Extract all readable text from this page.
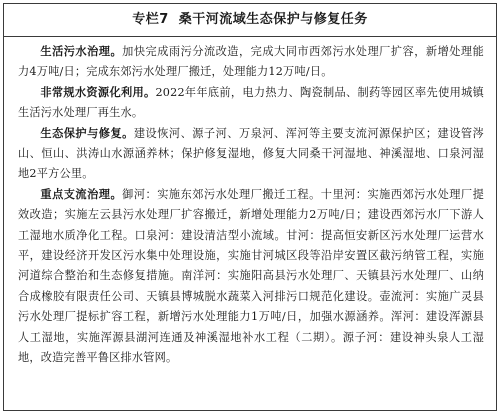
专栏7 桑干河流域生态保护与修复任务

生活污水治理。加快完成雨污分流改造，完成大同市西郊污水处理厂扩容，新增处理能力4万吨/日；完成东郊污水处理厂搬迁，处理能力12万吨/日。

非常规水资源化利用。2022年年底前，电力热力、陶瓷制品、制药等园区率先使用城镇生活污水处理厂再生水。

生态保护与修复。建设恢河、源子河、万泉河、浑河等主要支流河源保护区；建设管涔山、恒山、洪涛山水源涵养林；保护修复湿地，修复大同桑干河湿地、神溪湿地、口泉河湿地2平方公里。

重点支流治理。御河：实施东郊污水处理厂搬迁工程。十里河：实施西郊污水处理厂提效改造；实施左云县污水处理厂扩容搬迁，新增处理能力2万吨/日；建设西郊污水厂下游人工湿地水质净化工程。口泉河：建设清洁型小流域。甘河：提高恒安新区污水处理厂运营水平，建设经济开发区污水集中处理设施，实施甘河城区段等沿岸安置区截污纳管工程，实施河道综合整治和生态修复措施。南洋河：实施阳高县污水处理厂、天镇县污水处理厂、山纳合成橡胶有限责任公司、天镇县博城脱水蔬菜入河排污口规范化建设。壶流河：实施广灵县污水处理厂提标扩容工程，新增污水处理能力1万吨/日，加强水源涵养。浑河：建设浑源县人工湿地，实施浑源县湖河连通及神溪湿地补水工程（二期）。源子河：建设神头泉人工湿地，改造完善平鲁区排水管网。
